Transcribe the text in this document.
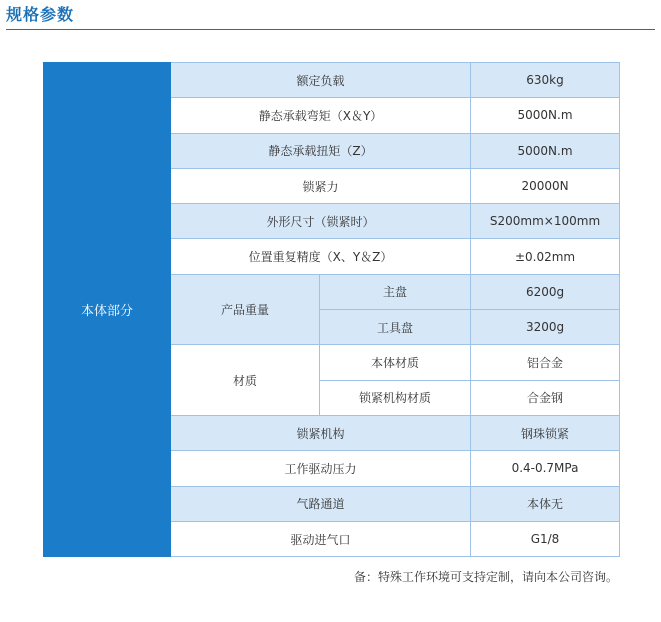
规格参数
本体部分	额定负载		630kg
	静态承载弯矩（X＆Y）		5000N.m
	静态承载扭矩（Z）		5000N.m
	锁紧力		20000N
	外形尺寸（锁紧时）		S200mm×100mm
	位置重复精度（X、Y＆Z）		±0.02mm
	产品重量	主盘	6200g
		工具盘	3200g
	材质	本体材质	铝合金
		锁紧机构材质	合金钢
	锁紧机构		钢珠锁紧
	工作驱动压力		0.4-0.7MPa
	气路通道		本体无
	驱动进气口		G1/8
备：特殊工作环境可支持定制，请向本公司咨询。
